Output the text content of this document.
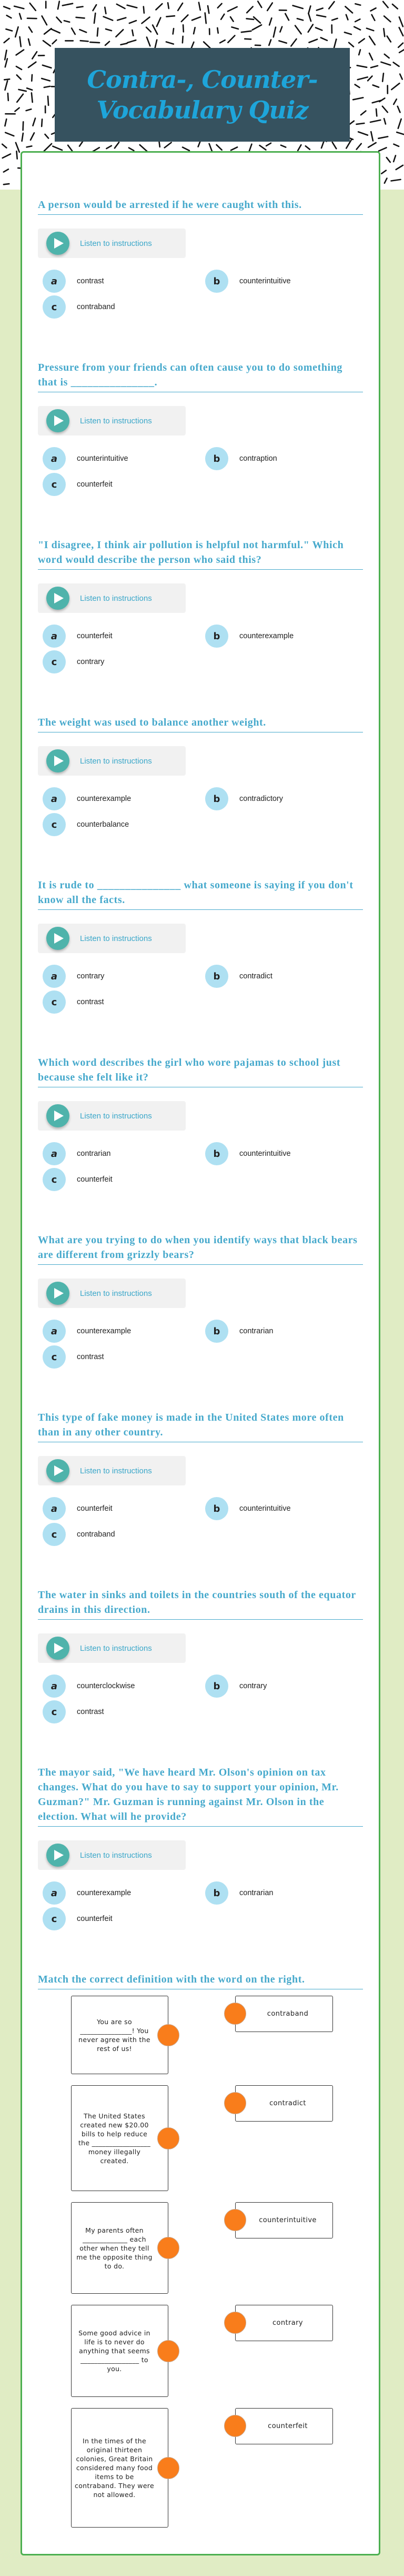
Contra-, Counter- Vocabulary Quiz
A person would be arrested if he were caught with this.
Listen to instructions
a	contrast	b	counterintuitive
c	contraband
Pressure from your friends can often cause you to do something that is _______________.
Listen to instructions
a	counterintuitive	b	contraption
c	counterfeit
"I disagree, I think air pollution is helpful not harmful." Which word would describe the person who said this?
Listen to instructions
a	counterfeit	b	counterexample
c	contrary
The weight was used to balance another weight.
Listen to instructions
a	counterexample	b	contradictory
c	counterbalance
It is rude to _______________ what someone is saying if you don't know all the facts.
Listen to instructions
a	contrary	b	contradict
c	contrast
Which word describes the girl who wore pajamas to school just because she felt like it?
Listen to instructions
a	contrarian	b	counterintuitive
c	counterfeit
What are you trying to do when you identify ways that black bears are different from grizzly bears?
Listen to instructions
a	counterexample	b	contrarian
c	contrast
This type of fake money is made in the United States more often than in any other country.
Listen to instructions
a	counterfeit	b	counterintuitive
c	contraband
The water in sinks and toilets in the countries south of the equator drains in this direction.
Listen to instructions
a	counterclockwise	b	contrary
c	contrast
The mayor said, "We have heard Mr. Olson's opinion on tax changes. What do you have to say to support your opinion, Mr. Guzman?" Mr. Guzman is running against Mr. Olson in the election. What will he provide?
Listen to instructions
a	counterexample	b	contrarian
c	counterfeit
Match the correct definition with the word on the right.
You are so _______________! You never agree with the rest of us!
contraband
The United States created new $20.00 bills to help reduce the _________________ money illegally created.
contradict
My parents often _____________ each other when they tell me the opposite thing to do.
counterintuitive
Some good advice in life is to never do anything that seems _________________ to you.
contrary
In the times of the original thirteen colonies, Great Britain considered many food items to be contraband. They were not allowed.
counterfeit
